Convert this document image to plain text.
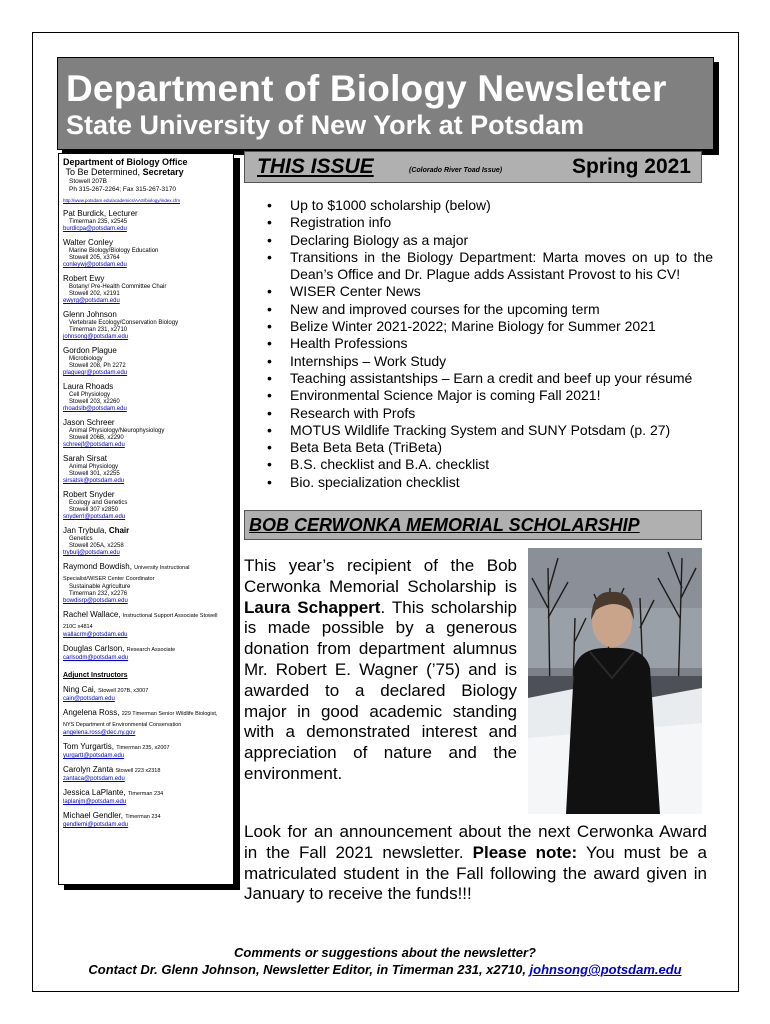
Department of Biology Newsletter
State University of New York at Potsdam
Department of Biology Office
To Be Determined, Secretary
Stowell 207B
Ph 315-267-2264; Fax 315-267-3170
http://www.potsdam.edu/academics/AAS/biology/index.cfm
Pat Burdick, Lecturer
Timerman 235, x2545
burdicpa@potsdam.edu
Walter Conley
Marine Biology/Biology Education
Stowell 205, x3764
conleywj@potsdam.edu
Robert Ewy
Botany/ Pre-Health Committee Chair
Stowell 202, x2191
ewyrg@potsdam.edu
Glenn Johnson
Vertebrate Ecology/Conservation Biology
Timerman 231, x2710
johnsong@potsdam.edu
Gordon Plague
Microbiology
Stowell 208, Ph 2272
plaguegr@potsdam.edu
Laura Rhoads
Cell Physiology
Stowell 203, x2260
rhoadslb@potsdam.edu
Jason Schreer
Animal Physiology/Neurophysiology
Stowell 206B, x2290
schreejf@potsdam.edu
Sarah Sirsat
Animal Physiology
Stowell 301, x2255
sirsatsk@potsdam.edu
Robert Snyder
Ecology and Genetics
Stowell 307 x2850
snyderrl@potsdam.edu
Jan Trybula, Chair
Genetics
Stowell 205A, x2258
trybulj@potsdam.edu
Raymond Bowdish, University Instructional Specialist/WISER Center Coordinator
Sustainable Agriculture
Timerman 232, x2276
bowdisrp@potsdam.edu
Rachel Wallace, Instructional Support Associate Stowell 210C x4814
wallacrm@potsdam.edu
Douglas Carlson, Research Associate
carlsodm@potsdam.edu
Adjunct Instructors
Ning Cai, Stowell 207B, x3007
cain@potsdam.edu
Angelena Ross, 229 Timerman Senior Wildlife Biologist, NYS Department of Environmental Conservation
angelena.ross@dec.ny.gov
Tom Yurgartis, Timerman 235, x2007
yurgartt@potsdam.edu
Carolyn Zanta Stowell 223 x2318
zantaca@potsdam.edu
Jessica LaPlante, Timerman 234
laplanjm@potsdam.edu
Michael Gendler, Timerman 234
gendlemi@potsdam.edu
THIS ISSUE	(Colorado River Toad Issue)	Spring 2021
• Up to $1000 scholarship (below)
• Registration info
• Declaring Biology as a major
• Transitions in the Biology Department: Marta moves on up to the Dean’s Office and Dr. Plague adds Assistant Provost to his CV!
• WISER Center News
• New and improved courses for the upcoming term
• Belize Winter 2021-2022; Marine Biology for Summer 2021
• Health Professions
• Internships – Work Study
• Teaching assistantships – Earn a credit and beef up your résumé
• Environmental Science Major is coming Fall 2021!
• Research with Profs
• MOTUS Wildlife Tracking System and SUNY Potsdam (p. 27)
• Beta Beta Beta (TriBeta)
• B.S. checklist and B.A. checklist
• Bio. specialization checklist
BOB CERWONKA MEMORIAL SCHOLARSHIP
This year’s recipient of the Bob Cerwonka Memorial Scholarship is Laura Schappert. This scholarship is made possible by a generous donation from department alumnus Mr. Robert E. Wagner (’75) and is awarded to a declared Biology major in good academic standing with a demonstrated interest and appreciation of nature and the environment.
Look for an announcement about the next Cerwonka Award in the Fall 2021 newsletter. Please note: You must be a matriculated student in the Fall following the award given in January to receive the funds!!!
Comments or suggestions about the newsletter?
Contact Dr. Glenn Johnson, Newsletter Editor, in Timerman 231, x2710, johnsong@potsdam.edu
